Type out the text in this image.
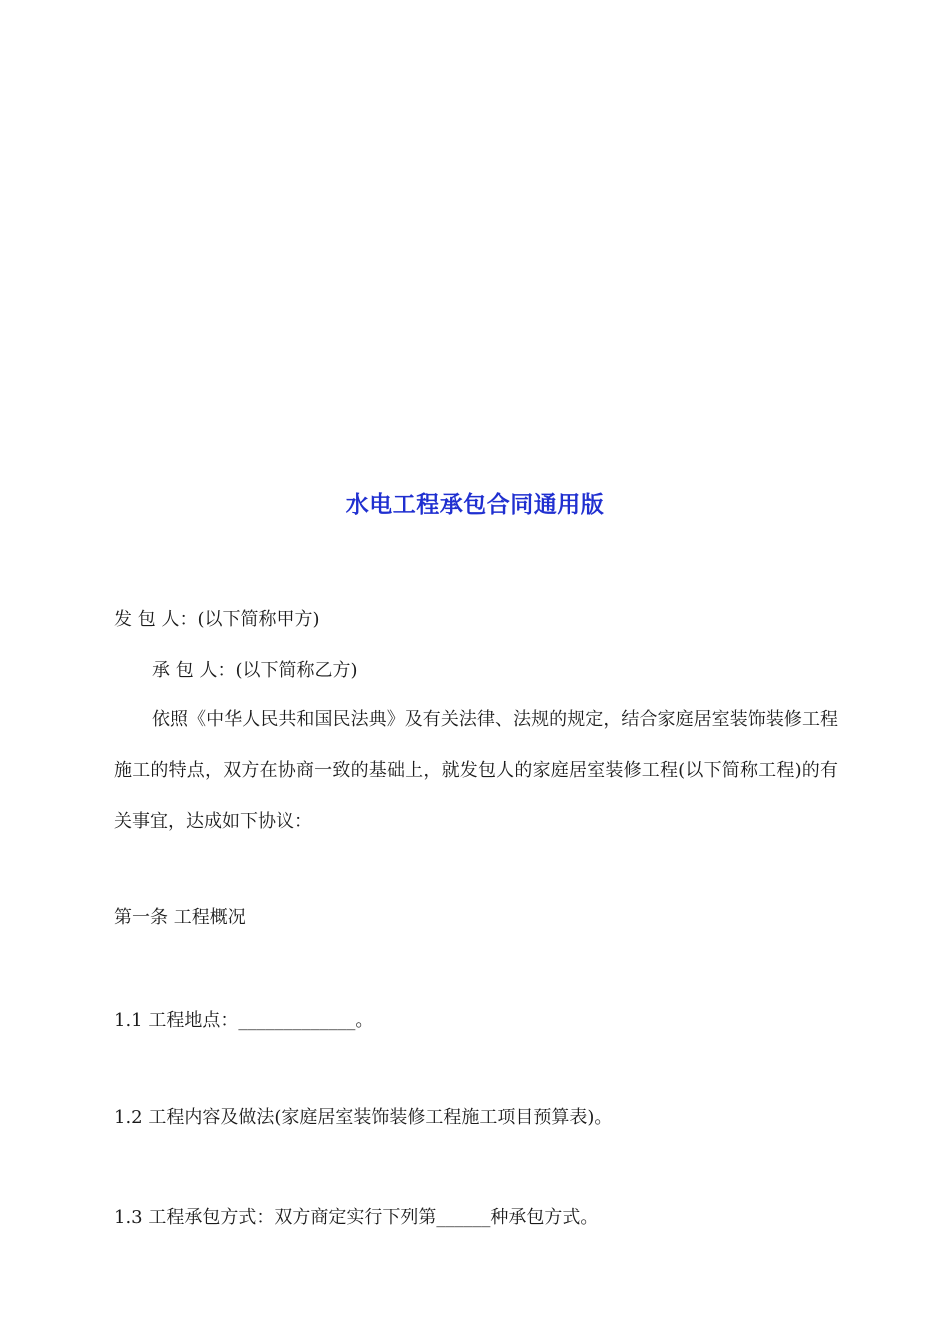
水电工程承包合同通用版
发 包 人：(以下简称甲方)
承 包 人：(以下简称乙方)
依照《中华人民共和国民法典》及有关法律、法规的规定，结合家庭居室装饰装修工程施工的特点，双方在协商一致的基础上，就发包人的家庭居室装修工程(以下简称工程)的有关事宜，达成如下协议：
第一条 工程概况
1.1 工程地点：_____________。
1.2 工程内容及做法(家庭居室装饰装修工程施工项目预算表)。
1.3 工程承包方式：双方商定实行下列第______种承包方式。
